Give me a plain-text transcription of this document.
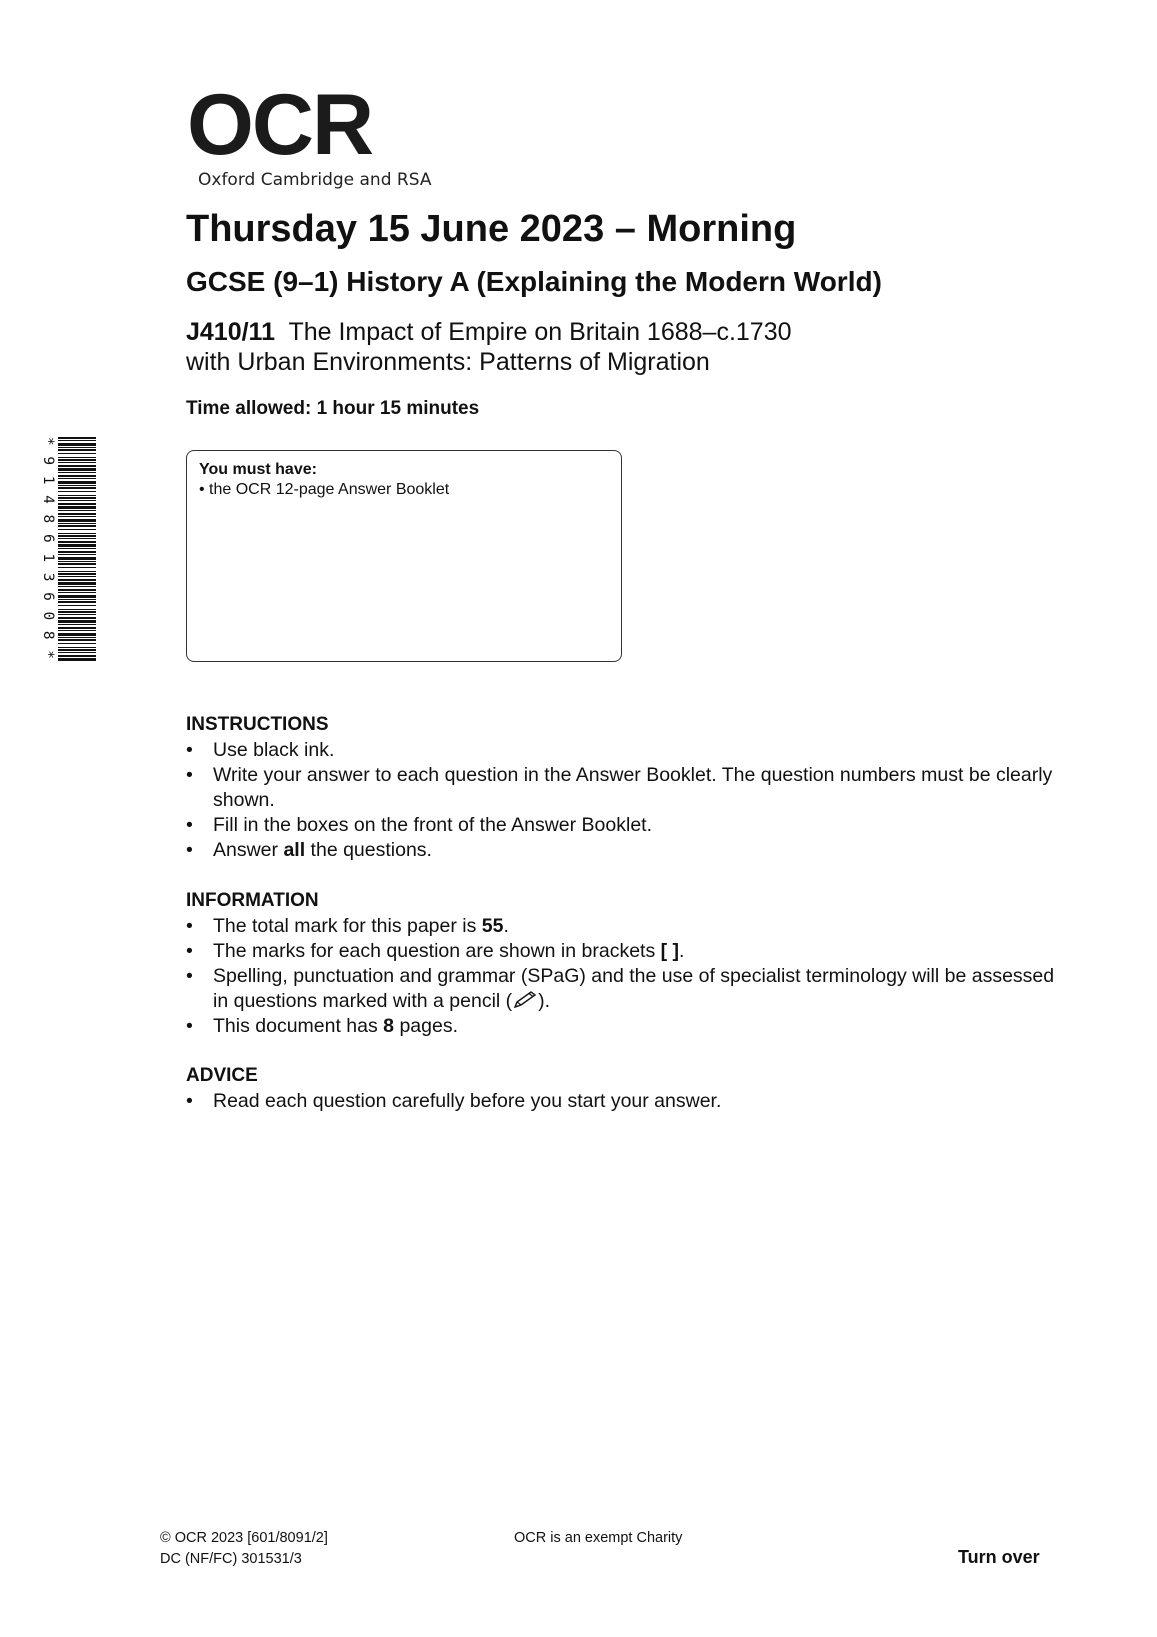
OCR
Oxford Cambridge and RSA
*9148613608*
Thursday 15 June 2023 – Morning
GCSE (9–1) History A (Explaining the Modern World)
J410/11 The Impact of Empire on Britain 1688–c.1730
with Urban Environments: Patterns of Migration
Time allowed: 1 hour 15 minutes
You must have:
• the OCR 12-page Answer Booklet
INSTRUCTIONS
•	Use black ink.
•	Write your answer to each question in the Answer Booklet. The question numbers must be clearly shown.
•	Fill in the boxes on the front of the Answer Booklet.
•	Answer all the questions.
INFORMATION
•	The total mark for this paper is 55.
•	The marks for each question are shown in brackets [ ].
•	Spelling, punctuation and grammar (SPaG) and the use of specialist terminology will be assessed in questions marked with a pencil ( ).
•	This document has 8 pages.
ADVICE
•	Read each question carefully before you start your answer.
© OCR 2023 [601/8091/2]
DC (NF/FC) 301531/3
OCR is an exempt Charity
Turn over
